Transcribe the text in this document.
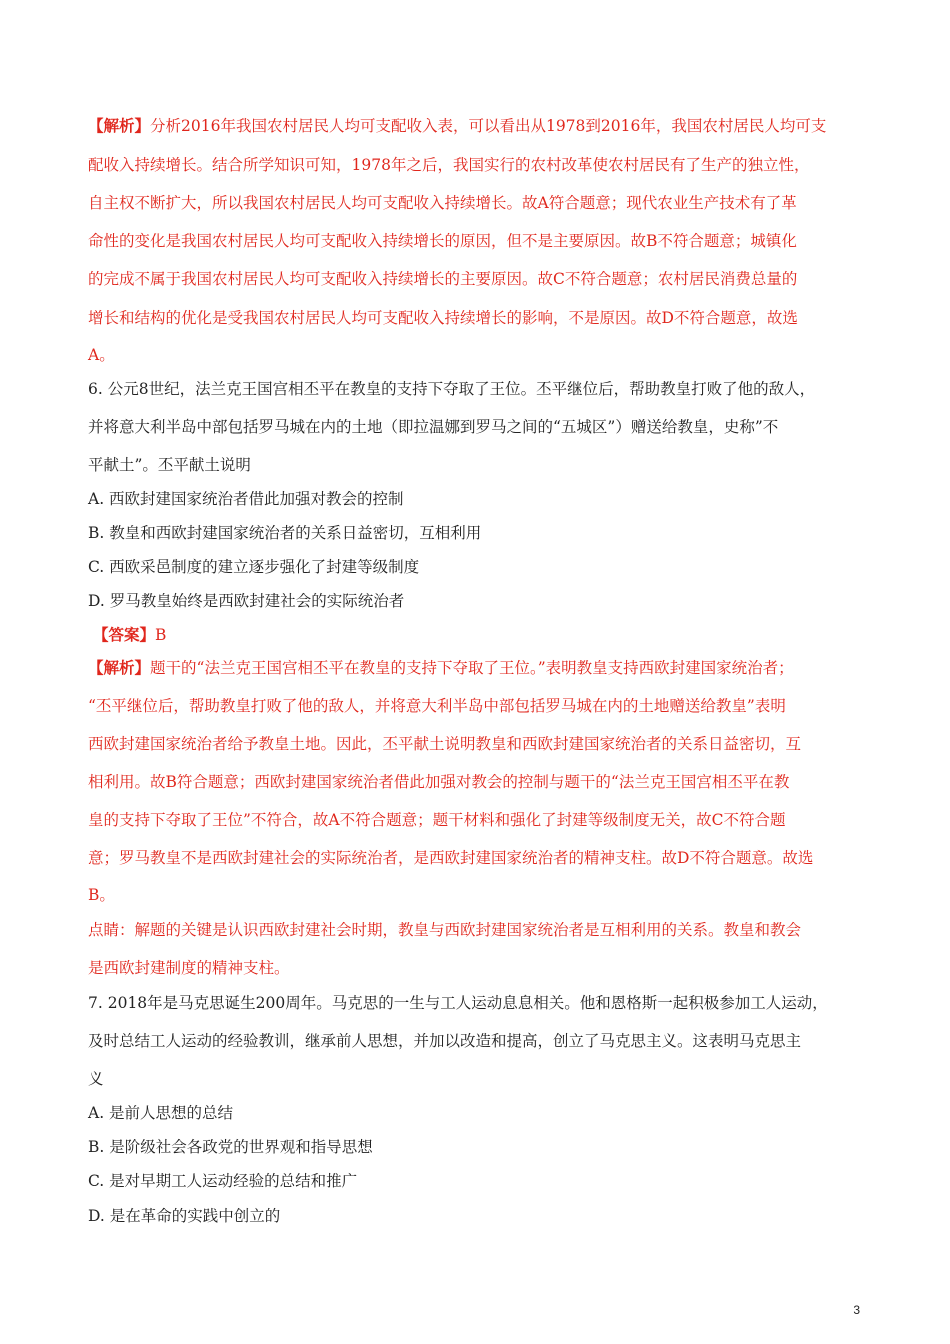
【解析】分析2016年我国农村居民人均可支配收入表，可以看出从1978到2016年，我国农村居民人均可支
配收入持续增长。结合所学知识可知，1978年之后，我国实行的农村改革使农村居民有了生产的独立性，
自主权不断扩大，所以我国农村居民人均可支配收入持续增长。故A符合题意；现代农业生产技术有了革
命性的变化是我国农村居民人均可支配收入持续增长的原因，但不是主要原因。故B不符合题意；城镇化
的完成不属于我国农村居民人均可支配收入持续增长的主要原因。故C不符合题意；农村居民消费总量的
增长和结构的优化是受我国农村居民人均可支配收入持续增长的影响，不是原因。故D不符合题意，故选
A。
6. 公元8世纪，法兰克王国宫相丕平在教皇的支持下夺取了王位。丕平继位后，帮助教皇打败了他的敌人，
并将意大利半岛中部包括罗马城在内的土地（即拉温娜到罗马之间的“五城区”）赠送给教皇，史称”不
平献土”。丕平献土说明
A. 西欧封建国家统治者借此加强对教会的控制
B. 教皇和西欧封建国家统治者的关系日益密切，互相利用
C. 西欧采邑制度的建立逐步强化了封建等级制度
D. 罗马教皇始终是西欧封建社会的实际统治者
【答案】B
【解析】题干的“法兰克王国宫相丕平在教皇的支持下夺取了王位。”表明教皇支持西欧封建国家统治者；
“丕平继位后，帮助教皇打败了他的敌人，并将意大利半岛中部包括罗马城在内的土地赠送给教皇”表明
西欧封建国家统治者给予教皇土地。因此，丕平献土说明教皇和西欧封建国家统治者的关系日益密切，互
相利用。故B符合题意；西欧封建国家统治者借此加强对教会的控制与题干的“法兰克王国宫相丕平在教
皇的支持下夺取了王位”不符合，故A不符合题意；题干材料和强化了封建等级制度无关，故C不符合题
意；罗马教皇不是西欧封建社会的实际统治者，是西欧封建国家统治者的精神支柱。故D不符合题意。故选
B。
点睛：解题的关键是认识西欧封建社会时期，教皇与西欧封建国家统治者是互相利用的关系。教皇和教会
是西欧封建制度的精神支柱。
7. 2018年是马克思诞生200周年。马克思的一生与工人运动息息相关。他和恩格斯一起积极参加工人运动，
及时总结工人运动的经验教训，继承前人思想，并加以改造和提高，创立了马克思主义。这表明马克思主
义
A. 是前人思想的总结
B. 是阶级社会各政党的世界观和指导思想
C. 是对早期工人运动经验的总结和推广
D. 是在革命的实践中创立的
3
